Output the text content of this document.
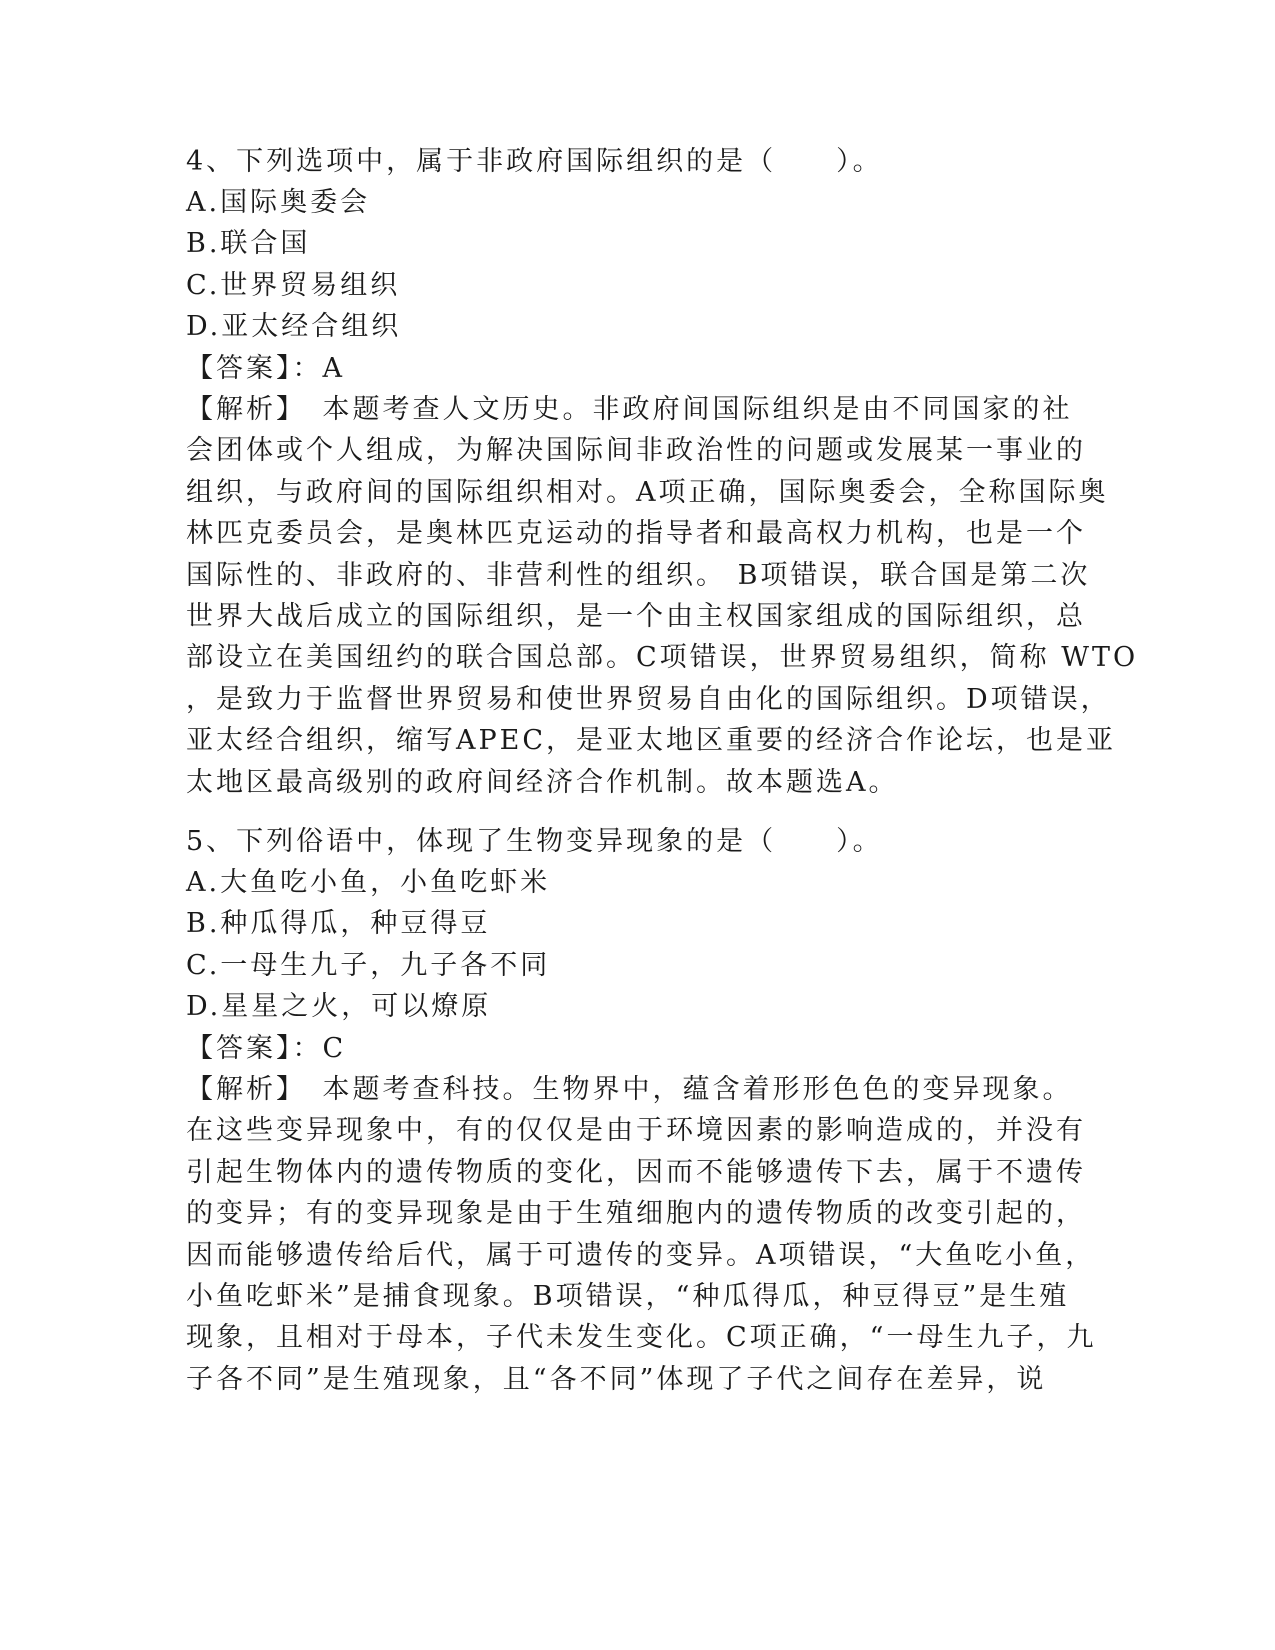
4、下列选项中，属于非政府国际组织的是（　　）。
A.国际奥委会
B.联合国
C.世界贸易组织
D.亚太经合组织
【答案】：A
【解析】　本题考查人文历史。非政府间国际组织是由不同国家的社
会团体或个人组成，为解决国际间非政治性的问题或发展某一事业的
组织，与政府间的国际组织相对。A项正确，国际奥委会，全称国际奥
林匹克委员会，是奥林匹克运动的指导者和最高权力机构，也是一个
国际性的、非政府的、非营利性的组织。 B项错误，联合国是第二次
世界大战后成立的国际组织，是一个由主权国家组成的国际组织，总
部设立在美国纽约的联合国总部。C项错误，世界贸易组织，简称 WTO
，是致力于监督世界贸易和使世界贸易自由化的国际组织。D项错误，
亚太经合组织，缩写APEC，是亚太地区重要的经济合作论坛，也是亚
太地区最高级别的政府间经济合作机制。故本题选A。
5、下列俗语中，体现了生物变异现象的是（　　）。
A.大鱼吃小鱼，小鱼吃虾米
B.种瓜得瓜，种豆得豆
C.一母生九子，九子各不同
D.星星之火，可以燎原
【答案】：C
【解析】　本题考查科技。生物界中，蕴含着形形色色的变异现象。
在这些变异现象中，有的仅仅是由于环境因素的影响造成的，并没有
引起生物体内的遗传物质的变化，因而不能够遗传下去，属于不遗传
的变异；有的变异现象是由于生殖细胞内的遗传物质的改变引起的，
因而能够遗传给后代，属于可遗传的变异。A项错误，“大鱼吃小鱼，
小鱼吃虾米”是捕食现象。B项错误，“种瓜得瓜，种豆得豆”是生殖
现象，且相对于母本，子代未发生变化。C项正确，“一母生九子，九
子各不同”是生殖现象，且“各不同”体现了子代之间存在差异，说
